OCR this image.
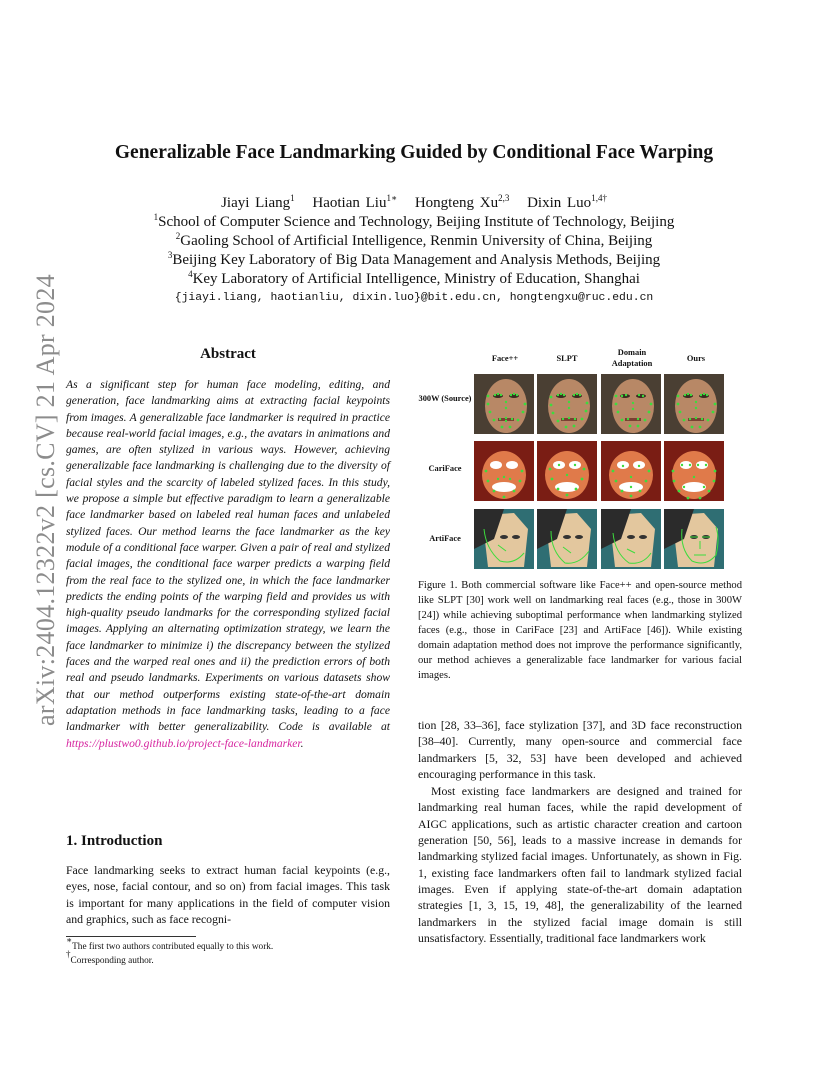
arXiv:2404.12322v2 [cs.CV] 21 Apr 2024
Generalizable Face Landmarking Guided by Conditional Face Warping
Jiayi Liang$^1$ Haotian Liu$^{1∗}$ Hongteng Xu$^{2,3}$ Dixin Luo$^{1,4\dagger}$
$^1$School of Computer Science and Technology, Beijing Institute of Technology, Beijing
$^2$Gaoling School of Artificial Intelligence, Renmin University of China, Beijing
$^3$Beijing Key Laboratory of Big Data Management and Analysis Methods, Beijing
$^4$Key Laboratory of Artificial Intelligence, Ministry of Education, Shanghai
{jiayi.liang, haotianliu, dixin.luo}@bit.edu.cn, hongtengxu@ruc.edu.cn
Abstract
As a significant step for human face modeling, editing, and generation, face landmarking aims at extracting facial keypoints from images. A generalizable face landmarker is required in practice because real-world facial images, e.g., the avatars in animations and games, are often stylized in various ways. However, achieving generalizable face landmarking is challenging due to the diversity of facial styles and the scarcity of labeled stylized faces. In this study, we propose a simple but effective paradigm to learn a generalizable face landmarker based on labeled real human faces and unlabeled stylized faces. Our method learns the face landmarker as the key module of a conditional face warper. Given a pair of real and stylized facial images, the conditional face warper predicts a warping field from the real face to the stylized one, in which the face landmarker predicts the ending points of the warping field and provides us with high-quality pseudo landmarks for the corresponding stylized facial images. Applying an alternating optimization strategy, we learn the face landmarker to minimize i) the discrepancy between the stylized faces and the warped real ones and ii) the prediction errors of both real and pseudo landmarks. Experiments on various datasets show that our method outperforms existing state-of-the-art domain adaptation methods in face landmarking tasks, leading to a face landmarker with better generalizability. Code is available at https://plustwo0.github.io/project-face-landmarker.
1. Introduction
Face landmarking seeks to extract human facial keypoints (e.g., eyes, nose, facial contour, and so on) from facial images. This task is important for many applications in the field of computer vision and graphics, such as face recogni-
∗The first two authors contributed equally to this work.
†Corresponding author.
Face++	SLPT
Domain Adaptation
Ours
300W (Source)
CariFace
ArtiFace
Figure 1. Both commercial software like Face++ and open-source method like SLPT [30] work well on landmarking real faces (e.g., those in 300W [24]) while achieving suboptimal performance when landmarking stylized faces (e.g., those in CariFace [23] and ArtiFace [46]). While existing domain adaptation method does not improve the performance significantly, our method achieves a generalizable face landmarker for various facial images.

tion [28, 33–36], face stylization [37], and 3D face reconstruction [38–40]. Currently, many open-source and commercial face landmarkers [5, 32, 53] have been developed and achieved encouraging performance in this task.

Most existing face landmarkers are designed and trained for landmarking real human faces, while the rapid development of AIGC applications, such as artistic character creation and cartoon generation [50, 56], leads to a massive increase in demands for landmarking stylized facial images. Unfortunately, as shown in Fig. 1, existing face landmarkers often fail to landmark stylized facial images. Even if applying state-of-the-art domain adaptation strategies [1, 3, 15, 19, 48], the generalizability of the learned landmarkers in the stylized facial image domain is still unsatisfactory. Essentially, traditional face landmarkers work
